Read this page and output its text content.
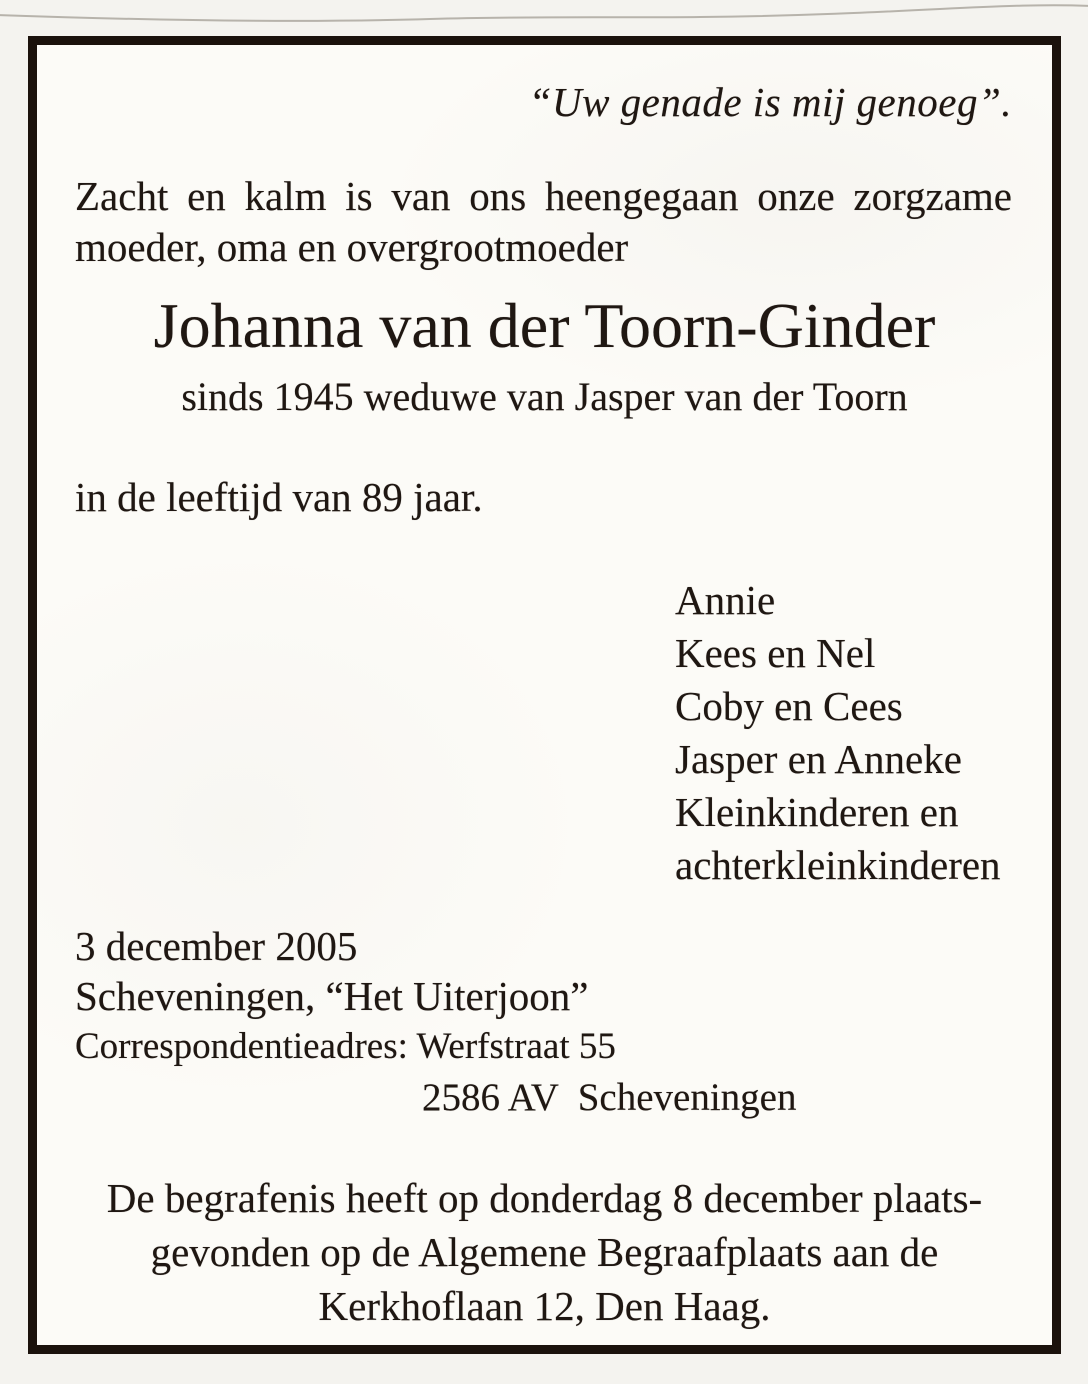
“Uw genade is mij genoeg”.
Zacht en kalm is van ons heengegaan onze zorgzame
moeder, oma en overgrootmoeder
Johanna van der Toorn-Ginder
sinds 1945 weduwe van Jasper van der Toorn
in de leeftijd van 89 jaar.
Annie
Kees en Nel
Coby en Cees
Jasper en Anneke
Kleinkinderen en
achterkleinkinderen
3 december 2005
Scheveningen, “Het Uiterjoon”
Correspondentieadres: Werfstraat 55
2586 AV  Scheveningen
De begrafenis heeft op donderdag 8 december plaats-
gevonden op de Algemene Begraafplaats aan de
Kerkhoflaan 12, Den Haag.
